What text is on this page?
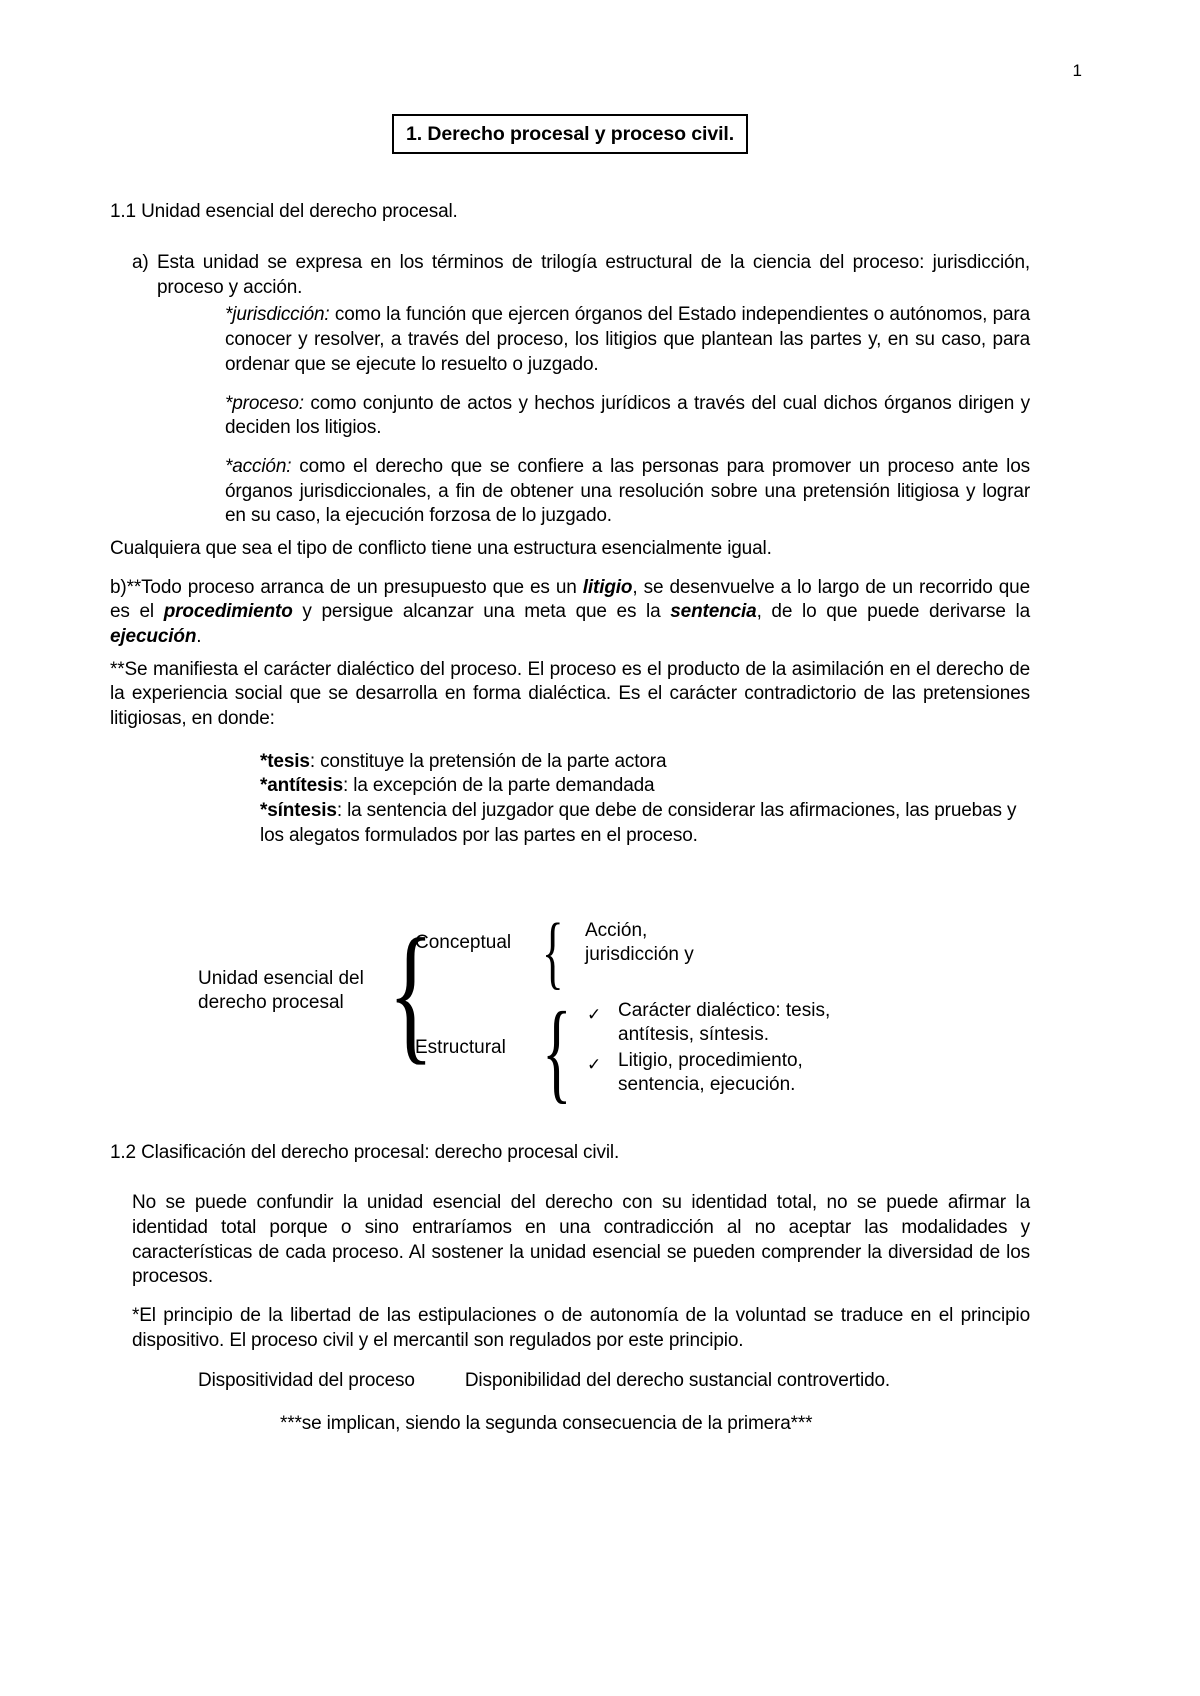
1
1. Derecho procesal y proceso civil.

1.1 Unidad esencial del derecho procesal.

a) Esta unidad se expresa en los términos de trilogía estructural de la ciencia del proceso: jurisdicción, proceso y acción.

*jurisdicción: como la función que ejercen órganos del Estado independientes o autónomos, para conocer y resolver, a través del proceso, los litigios que plantean las partes y, en su caso, para ordenar que se ejecute lo resuelto o juzgado.

*proceso: como conjunto de actos y hechos jurídicos a través del cual dichos órganos dirigen y deciden los litigios.

*acción: como el derecho que se confiere a las personas para promover un proceso ante los órganos jurisdiccionales, a fin de obtener una resolución sobre una pretensión litigiosa y lograr en su caso, la ejecución forzosa de lo juzgado.

Cualquiera que sea el tipo de conflicto tiene una estructura esencialmente igual.

b)**Todo proceso arranca de un presupuesto que es un litigio, se desenvuelve a lo largo de un recorrido que es el procedimiento y persigue alcanzar una meta que es la sentencia, de lo que puede derivarse la ejecución.

**Se manifiesta el carácter dialéctico del proceso. El proceso es el producto de la asimilación en el derecho de la experiencia social que se desarrolla en forma dialéctica. Es el carácter contradictorio de las pretensiones litigiosas, en donde:

*tesis: constituye la pretensión de la parte actora

*antítesis: la excepción de la parte demandada

*síntesis: la sentencia del juzgador que debe de considerar las afirmaciones, las pruebas y los alegatos formulados por las partes en el proceso.

Unidad esencial del
derecho procesal {
Conceptual { Acción,
jurisdicción y
Estructural { ✓ Carácter dialéctico: tesis,
antítesis, síntesis.
✓ Litigio, procedimiento,
sentencia, ejecución.

1.2 Clasificación del derecho procesal: derecho procesal civil.

No se puede confundir la unidad esencial del derecho con su identidad total, no se puede afirmar la identidad total porque o sino entraríamos en una contradicción al no aceptar las modalidades y características de cada proceso. Al sostener la unidad esencial se pueden comprender la diversidad de los procesos.

*El principio de la libertad de las estipulaciones o de autonomía de la voluntad se traduce en el principio dispositivo. El proceso civil y el mercantil son regulados por este principio.

Dispositividad del proceso	Disponibilidad del derecho sustancial controvertido.

***se implican, siendo la segunda consecuencia de la primera***
